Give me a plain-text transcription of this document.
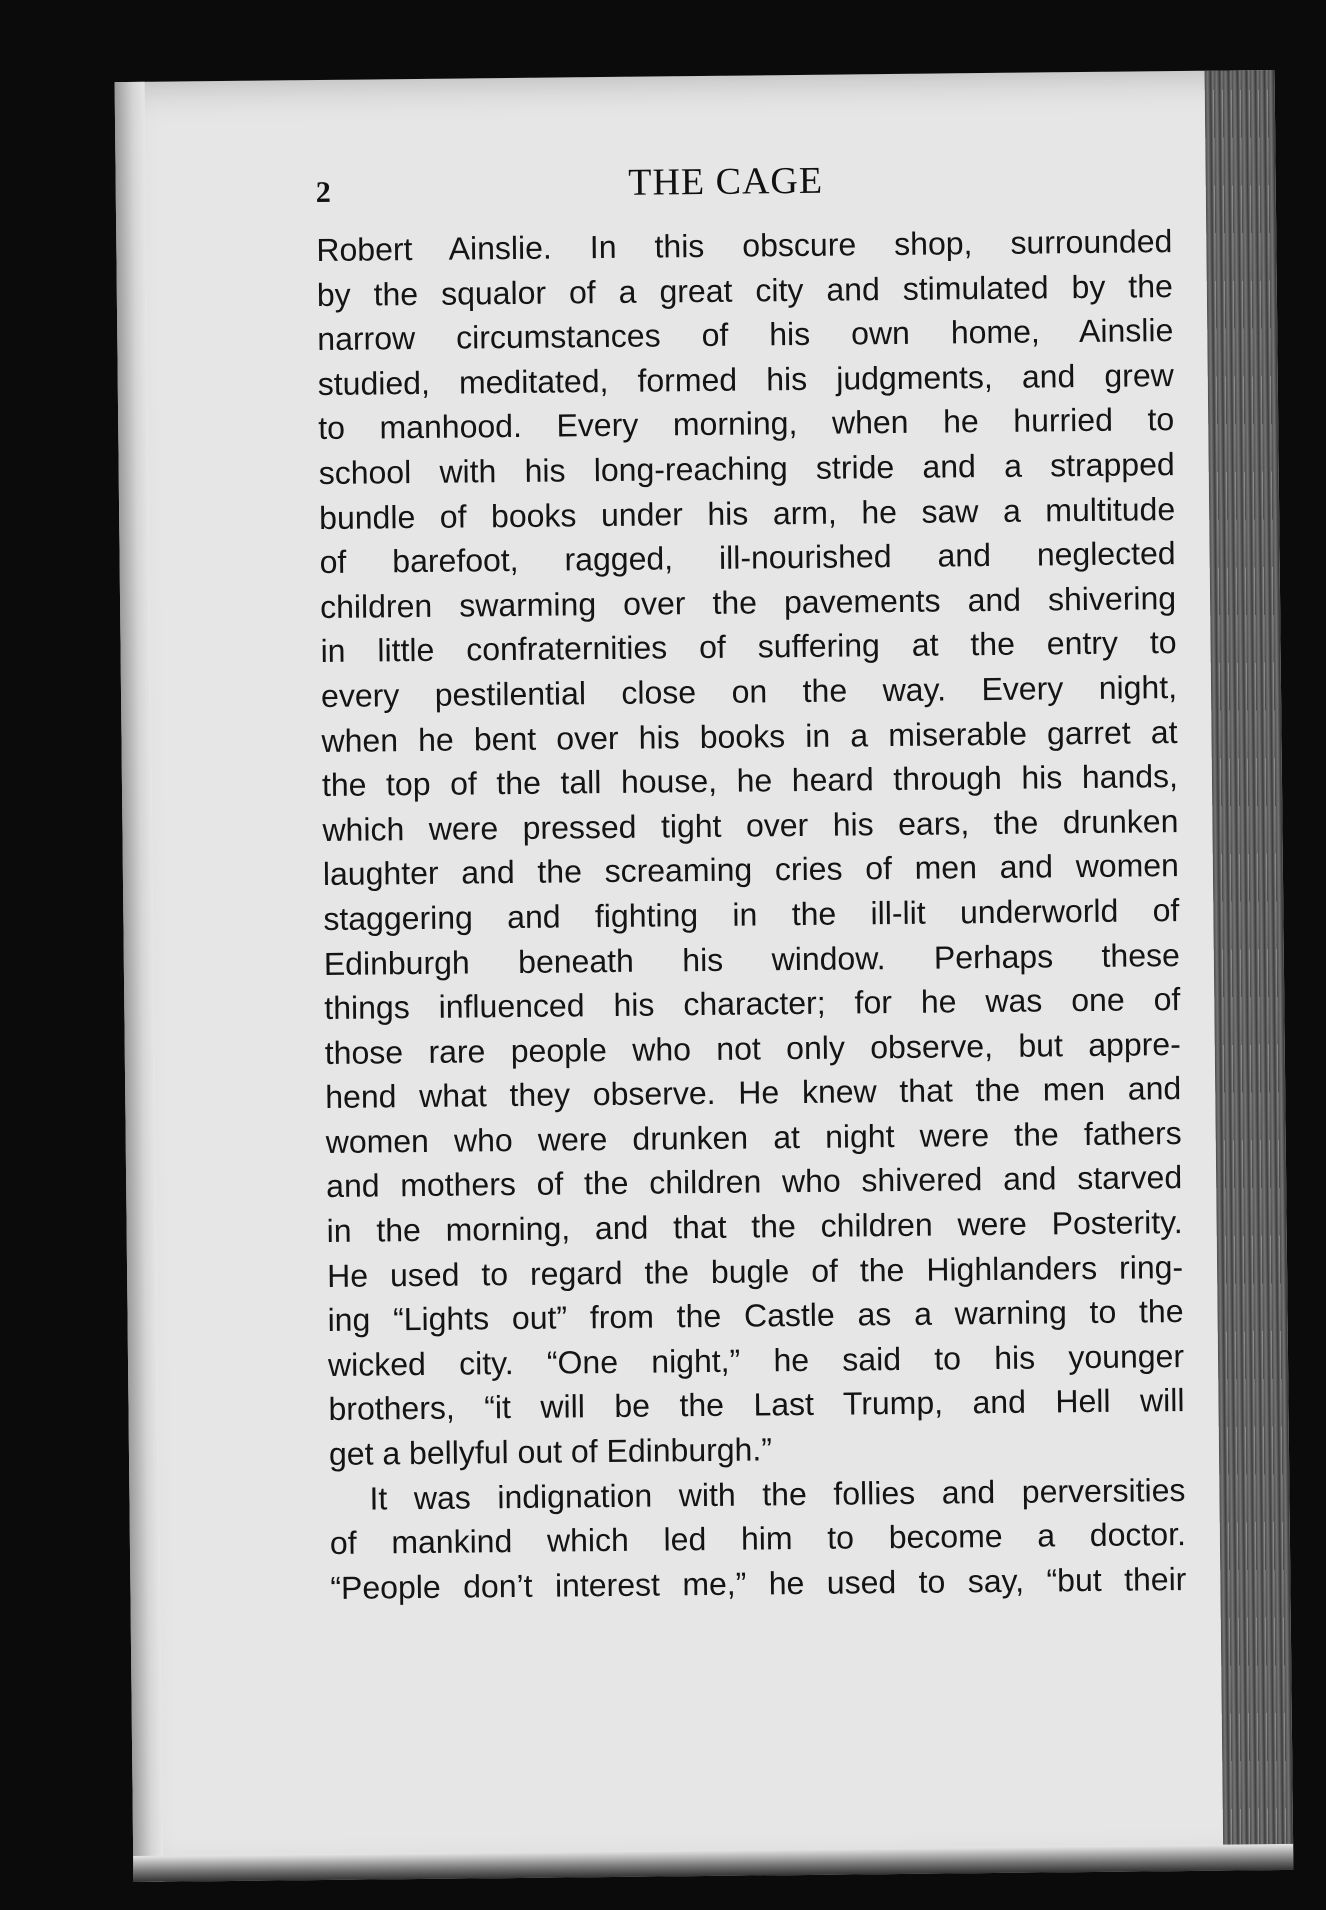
2	THE CAGE
Robert Ainslie. In this obscure shop, surrounded
by the squalor of a great city and stimulated by the
narrow circumstances of his own home, Ainslie
studied, meditated, formed his judgments, and grew
to manhood. Every morning, when he hurried to
school with his long-reaching stride and a strapped
bundle of books under his arm, he saw a multitude
of barefoot, ragged, ill-nourished and neglected
children swarming over the pavements and shivering
in little confraternities of suffering at the entry to
every pestilential close on the way. Every night,
when he bent over his books in a miserable garret at
the top of the tall house, he heard through his hands,
which were pressed tight over his ears, the drunken
laughter and the screaming cries of men and women
staggering and fighting in the ill-lit underworld of
Edinburgh beneath his window. Perhaps these
things influenced his character; for he was one of
those rare people who not only observe, but appre-
hend what they observe. He knew that the men and
women who were drunken at night were the fathers
and mothers of the children who shivered and starved
in the morning, and that the children were Posterity.
He used to regard the bugle of the Highlanders ring-
ing “Lights out” from the Castle as a warning to the
wicked city. “One night,” he said to his younger
brothers, “it will be the Last Trump, and Hell will
get a bellyful out of Edinburgh.”
It was indignation with the follies and perversities
of mankind which led him to become a doctor.
“People don’t interest me,” he used to say, “but their
